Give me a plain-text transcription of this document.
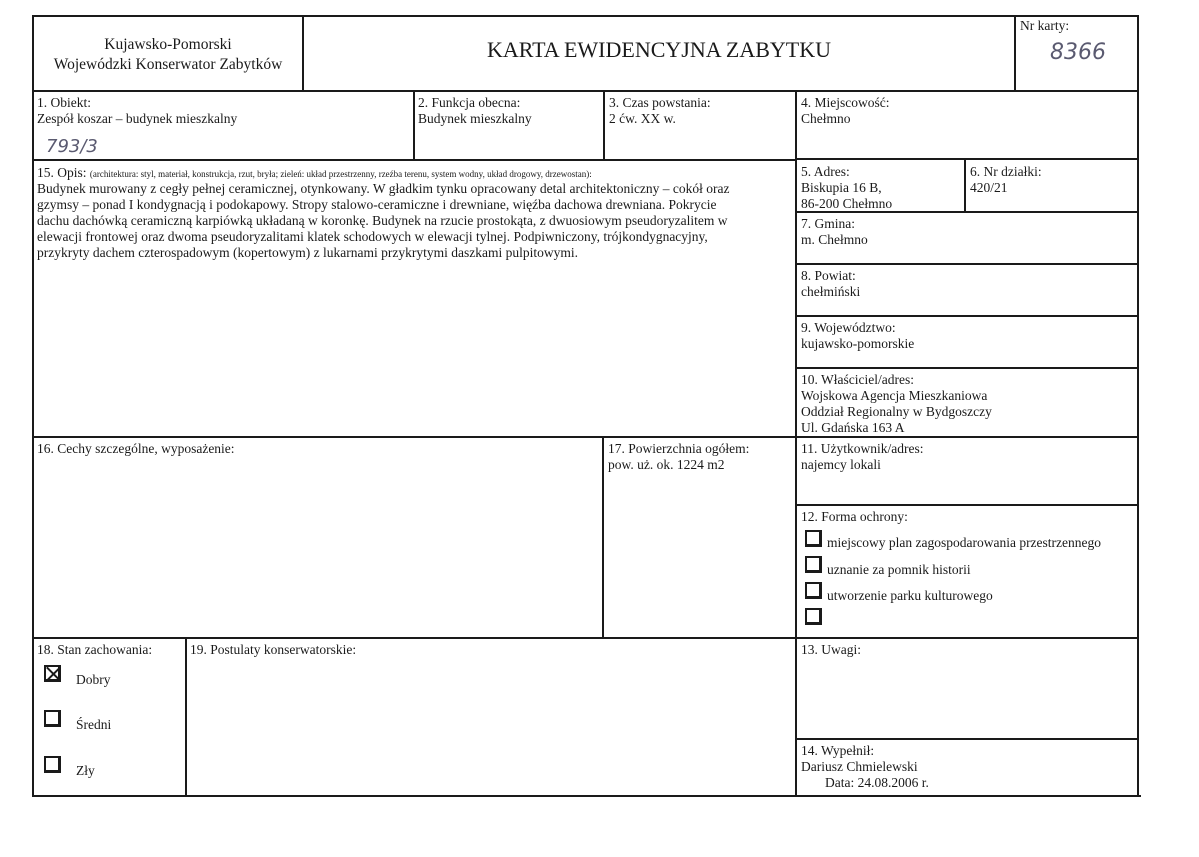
Kujawsko-Pomorski
Wojewódzki Konserwator Zabytków
KARTA EWIDENCYJNA ZABYTKU
Nr karty:
8366
1. Obiekt:
Zespół koszar – budynek mieszkalny
793/3
2. Funkcja obecna:
Budynek mieszkalny
3. Czas powstania:
2 ćw. XX w.
4. Miejscowość:
Chełmno
5. Adres:
Biskupia 16 B,
86-200 Chełmno
6. Nr działki:
420/21
7. Gmina:
m. Chełmno
8. Powiat:
chełmiński
9. Województwo:
kujawsko-pomorskie
10. Właściciel/adres:
Wojskowa Agencja Mieszkaniowa
Oddział Regionalny w Bydgoszczy
Ul. Gdańska 163 A
11. Użytkownik/adres:
najemcy lokali
12. Forma ochrony:
miejscowy plan zagospodarowania przestrzennego
uznanie za pomnik historii
utworzenie parku kulturowego
13. Uwagi:
14. Wypełnił:
Dariusz Chmielewski
Data: 24.08.2006 r.
15. Opis: (architektura: styl, materiał, konstrukcja, rzut, bryła; zieleń: układ przestrzenny, rzeźba terenu, system wodny, układ drogowy, drzewostan):
Budynek murowany z cegły pełnej ceramicznej, otynkowany. W gładkim tynku opracowany detal architektoniczny – cokół oraz
gzymsy – ponad I kondygnacją i podokapowy. Stropy stalowo-ceramiczne i drewniane, więźba dachowa drewniana. Pokrycie
dachu dachówką ceramiczną karpiówką układaną w koronkę. Budynek na rzucie prostokąta, z dwuosiowym pseudoryzalitem w
elewacji frontowej oraz dwoma pseudoryzalitami klatek schodowych w elewacji tylnej. Podpiwniczony, trójkondygnacyjny,
przykryty dachem czterospadowym (kopertowym) z lukarnami przykrytymi daszkami pulpitowymi.
16. Cechy szczególne, wyposażenie:	17. Powierzchnia ogółem:
pow. uż. ok. 1224 m2
18. Stan zachowania:
Dobry
Średni
Zły
19. Postulaty konserwatorskie:
